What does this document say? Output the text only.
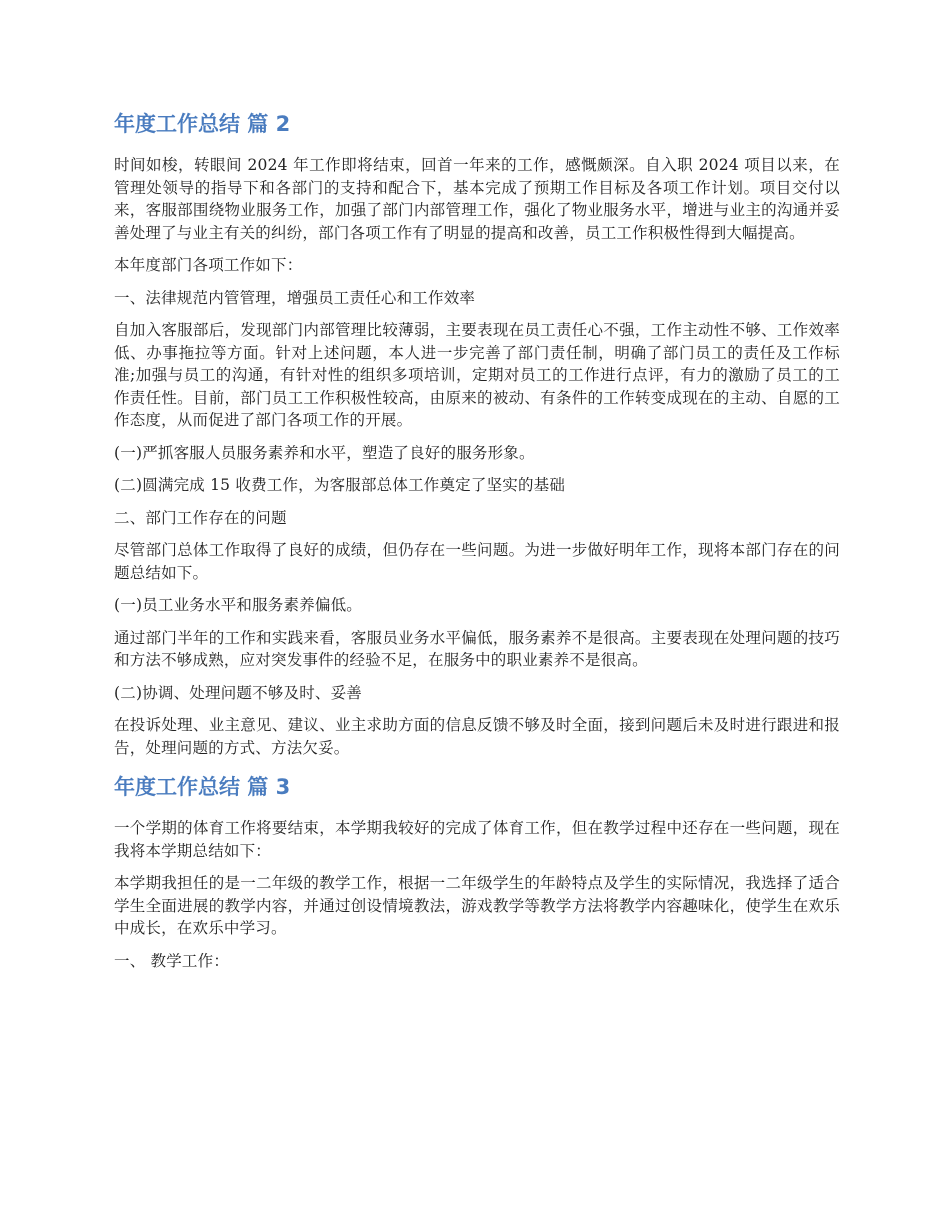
年度工作总结 篇 2

时间如梭，转眼间 2024 年工作即将结束，回首一年来的工作，感慨颇深。自入职 2024 项目以来，在管理处领导的指导下和各部门的支持和配合下，基本完成了预期工作目标及各项工作计划。项目交付以来，客服部围绕物业服务工作，加强了部门内部管理工作，强化了物业服务水平，增进与业主的沟通并妥善处理了与业主有关的纠纷，部门各项工作有了明显的提高和改善，员工工作积极性得到大幅提高。

本年度部门各项工作如下：

一、法律规范内管管理，增强员工责任心和工作效率

自加入客服部后，发现部门内部管理比较薄弱，主要表现在员工责任心不强，工作主动性不够、工作效率低、办事拖拉等方面。针对上述问题，本人进一步完善了部门责任制，明确了部门员工的责任及工作标准;加强与员工的沟通，有针对性的组织多项培训，定期对员工的工作进行点评，有力的激励了员工的工作责任性。目前，部门员工工作积极性较高，由原来的被动、有条件的工作转变成现在的主动、自愿的工作态度，从而促进了部门各项工作的开展。

(一)严抓客服人员服务素养和水平，塑造了良好的服务形象。

(二)圆满完成 15 收费工作，为客服部总体工作奠定了坚实的基础

二、部门工作存在的问题

尽管部门总体工作取得了良好的成绩，但仍存在一些问题。为进一步做好明年工作，现将本部门存在的问题总结如下。

(一)员工业务水平和服务素养偏低。

通过部门半年的工作和实践来看，客服员业务水平偏低，服务素养不是很高。主要表现在处理问题的技巧和方法不够成熟，应对突发事件的经验不足，在服务中的职业素养不是很高。

(二)协调、处理问题不够及时、妥善

在投诉处理、业主意见、建议、业主求助方面的信息反馈不够及时全面，接到问题后未及时进行跟进和报告，处理问题的方式、方法欠妥。

年度工作总结 篇 3

一个学期的体育工作将要结束，本学期我较好的完成了体育工作，但在教学过程中还存在一些问题，现在我将本学期总结如下：

本学期我担任的是一二年级的教学工作，根据一二年级学生的年龄特点及学生的实际情况，我选择了适合学生全面进展的教学内容，并通过创设情境教法，游戏教学等教学方法将教学内容趣味化，使学生在欢乐中成长，在欢乐中学习。

一、 教学工作：
